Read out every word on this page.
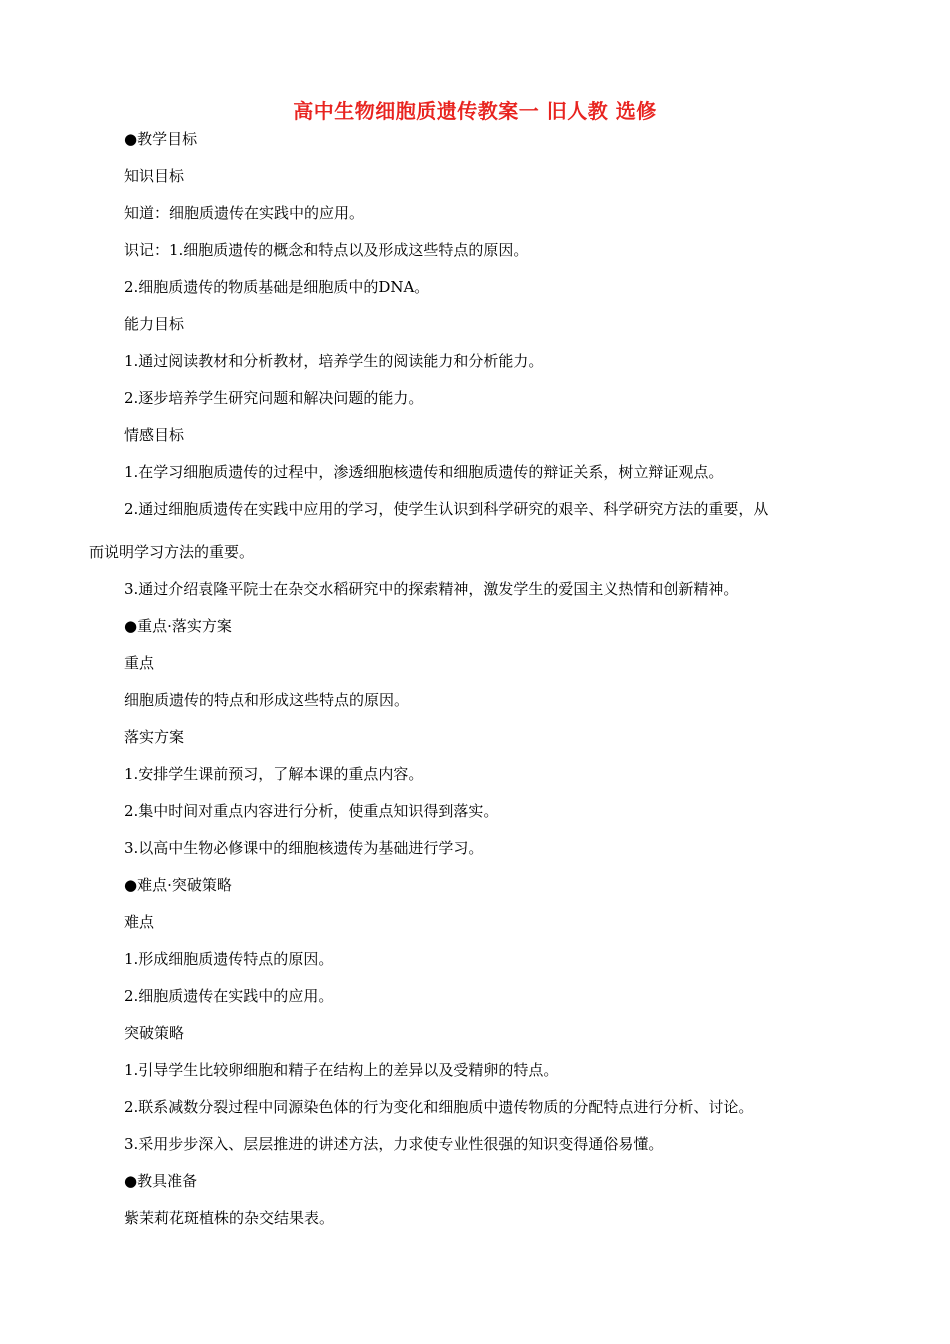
高中生物细胞质遗传教案一 旧人教 选修
●教学目标
知识目标
知道：细胞质遗传在实践中的应用。
识记：1.细胞质遗传的概念和特点以及形成这些特点的原因。
2.细胞质遗传的物质基础是细胞质中的DNA。
能力目标
1.通过阅读教材和分析教材，培养学生的阅读能力和分析能力。
2.逐步培养学生研究问题和解决问题的能力。
情感目标
1.在学习细胞质遗传的过程中，渗透细胞核遗传和细胞质遗传的辩证关系，树立辩证观点。
2.通过细胞质遗传在实践中应用的学习，使学生认识到科学研究的艰辛、科学研究方法的重要，从
而说明学习方法的重要。
3.通过介绍袁隆平院士在杂交水稻研究中的探索精神，激发学生的爱国主义热情和创新精神。
●重点·落实方案
重点
细胞质遗传的特点和形成这些特点的原因。
落实方案
1.安排学生课前预习，了解本课的重点内容。
2.集中时间对重点内容进行分析，使重点知识得到落实。
3.以高中生物必修课中的细胞核遗传为基础进行学习。
●难点·突破策略
难点
1.形成细胞质遗传特点的原因。
2.细胞质遗传在实践中的应用。
突破策略
1.引导学生比较卵细胞和精子在结构上的差异以及受精卵的特点。
2.联系减数分裂过程中同源染色体的行为变化和细胞质中遗传物质的分配特点进行分析、讨论。
3.采用步步深入、层层推进的讲述方法，力求使专业性很强的知识变得通俗易懂。
●教具准备
紫茉莉花斑植株的杂交结果表。
